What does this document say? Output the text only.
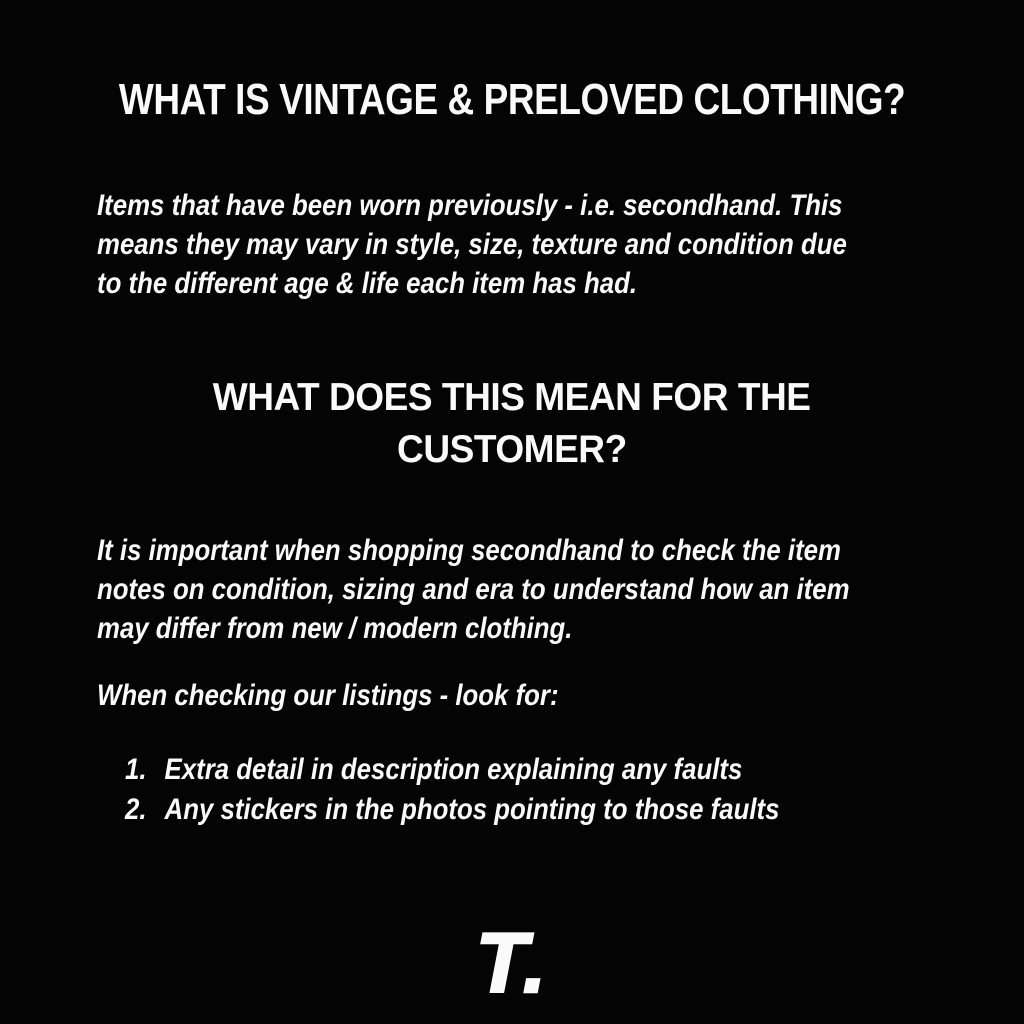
WHAT IS VINTAGE & PRELOVED CLOTHING?
Items that have been worn previously - i.e. secondhand. This
means they may vary in style, size, texture and condition due
to the different age & life each item has had.
WHAT DOES THIS MEAN FOR THE
CUSTOMER?
It is important when shopping secondhand to check the item
notes on condition, sizing and era to understand how an item
may differ from new / modern clothing.

When checking our listings - look for:

1. Extra detail in description explaining any faults
2. Any stickers in the photos pointing to those faults
T.
